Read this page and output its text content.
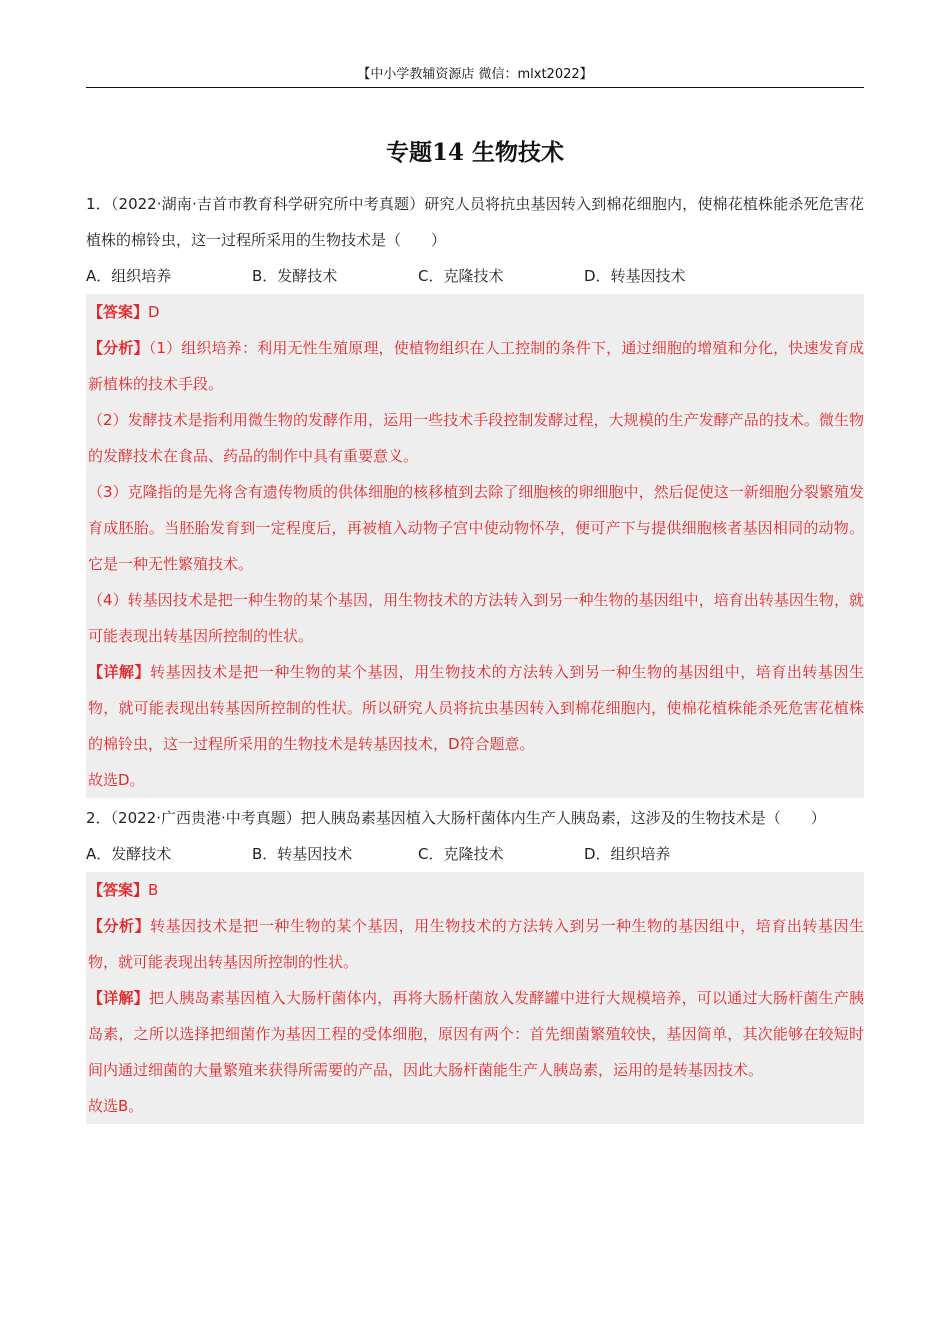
【中小学教辅资源店 微信：mlxt2022】
专题14 生物技术

1．（2022·湖南·吉首市教育科学研究所中考真题）研究人员将抗虫基因转入到棉花细胞内，使棉花植株能杀死危害花植株的棉铃虫，这一过程所采用的生物技术是（　　）

A．组织培养	B．发酵技术	C．克隆技术	D．转基因技术

【答案】D

【分析】（1）组织培养：利用无性生殖原理，使植物组织在人工控制的条件下，通过细胞的增殖和分化，快速发育成新植株的技术手段。

（2）发酵技术是指利用微生物的发酵作用，运用一些技术手段控制发酵过程，大规模的生产发酵产品的技术。微生物的发酵技术在食品、药品的制作中具有重要意义。

（3）克隆指的是先将含有遗传物质的供体细胞的核移植到去除了细胞核的卵细胞中，然后促使这一新细胞分裂繁殖发育成胚胎。当胚胎发育到一定程度后，再被植入动物子宫中使动物怀孕，便可产下与提供细胞核者基因相同的动物。它是一种无性繁殖技术。

（4）转基因技术是把一种生物的某个基因，用生物技术的方法转入到另一种生物的基因组中，培育出转基因生物，就可能表现出转基因所控制的性状。

【详解】转基因技术是把一种生物的某个基因，用生物技术的方法转入到另一种生物的基因组中，培育出转基因生物，就可能表现出转基因所控制的性状。所以研究人员将抗虫基因转入到棉花细胞内，使棉花植株能杀死危害花植株的棉铃虫，这一过程所采用的生物技术是转基因技术，D符合题意。

故选D。

2．（2022·广西贵港·中考真题）把人胰岛素基因植入大肠杆菌体内生产人胰岛素，这涉及的生物技术是（　　）

A．发酵技术	B．转基因技术	C．克隆技术	D．组织培养

【答案】B

【分析】转基因技术是把一种生物的某个基因，用生物技术的方法转入到另一种生物的基因组中，培育出转基因生物，就可能表现出转基因所控制的性状。

【详解】把人胰岛素基因植入大肠杆菌体内，再将大肠杆菌放入发酵罐中进行大规模培养，可以通过大肠杆菌生产胰岛素，之所以选择把细菌作为基因工程的受体细胞，原因有两个：首先细菌繁殖较快，基因简单，其次能够在较短时间内通过细菌的大量繁殖来获得所需要的产品，因此大肠杆菌能生产人胰岛素，运用的是转基因技术。

故选B。
